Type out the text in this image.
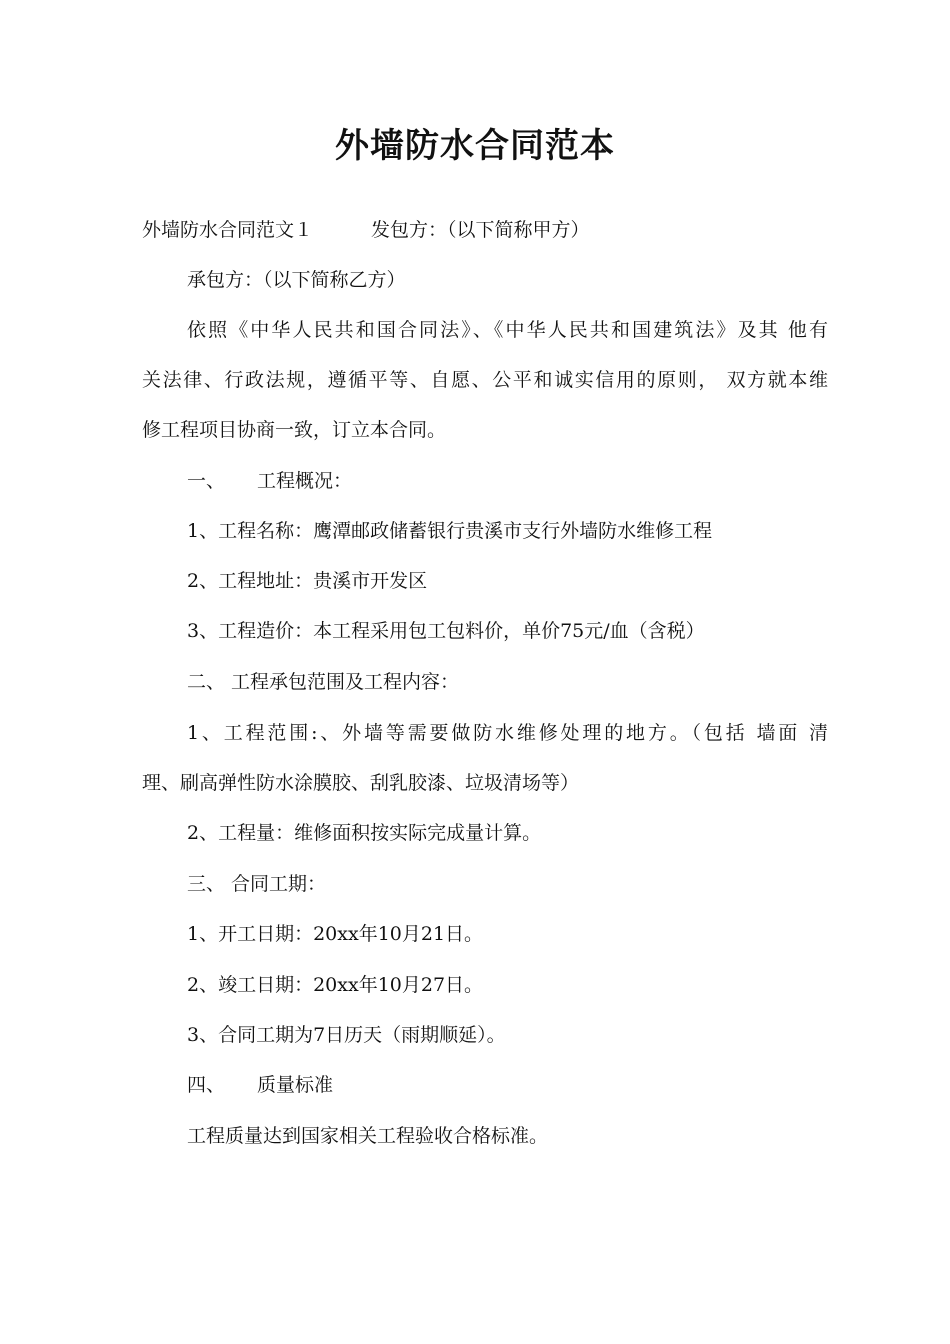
外墙防水合同范本
外墙防水合同范文１	发包方：（以下简称甲方）
承包方：（以下简称乙方）
依照《中华人民共和国合同法》、《中华人民共和国建筑法》及其 他有
关法律、行政法规，遵循平等、自愿、公平和诚实信用的原则， 双方就本维
修工程项目协商一致，订立本合同。
一、 工程概况：
1、工程名称：鹰潭邮政储蓄银行贵溪市支行外墙防水维修工程
2、工程地址：贵溪市开发区
3、工程造价：本工程采用包工包料价，单价75元/血（含税）
二、 工程承包范围及工程内容：
1、工程范围:、外墙等需要做防水维修处理的地方。（包括 墙面 清
理、刷高弹性防水涂膜胶、刮乳胶漆、垃圾清场等）
2、工程量：维修面积按实际完成量计算。
三、 合同工期：
1、开工日期：20xx年10月21日。
2、竣工日期：20xx年10月27日。
3、合同工期为7日历天（雨期顺延）。
四、 质量标准
工程质量达到国家相关工程验收合格标准。
